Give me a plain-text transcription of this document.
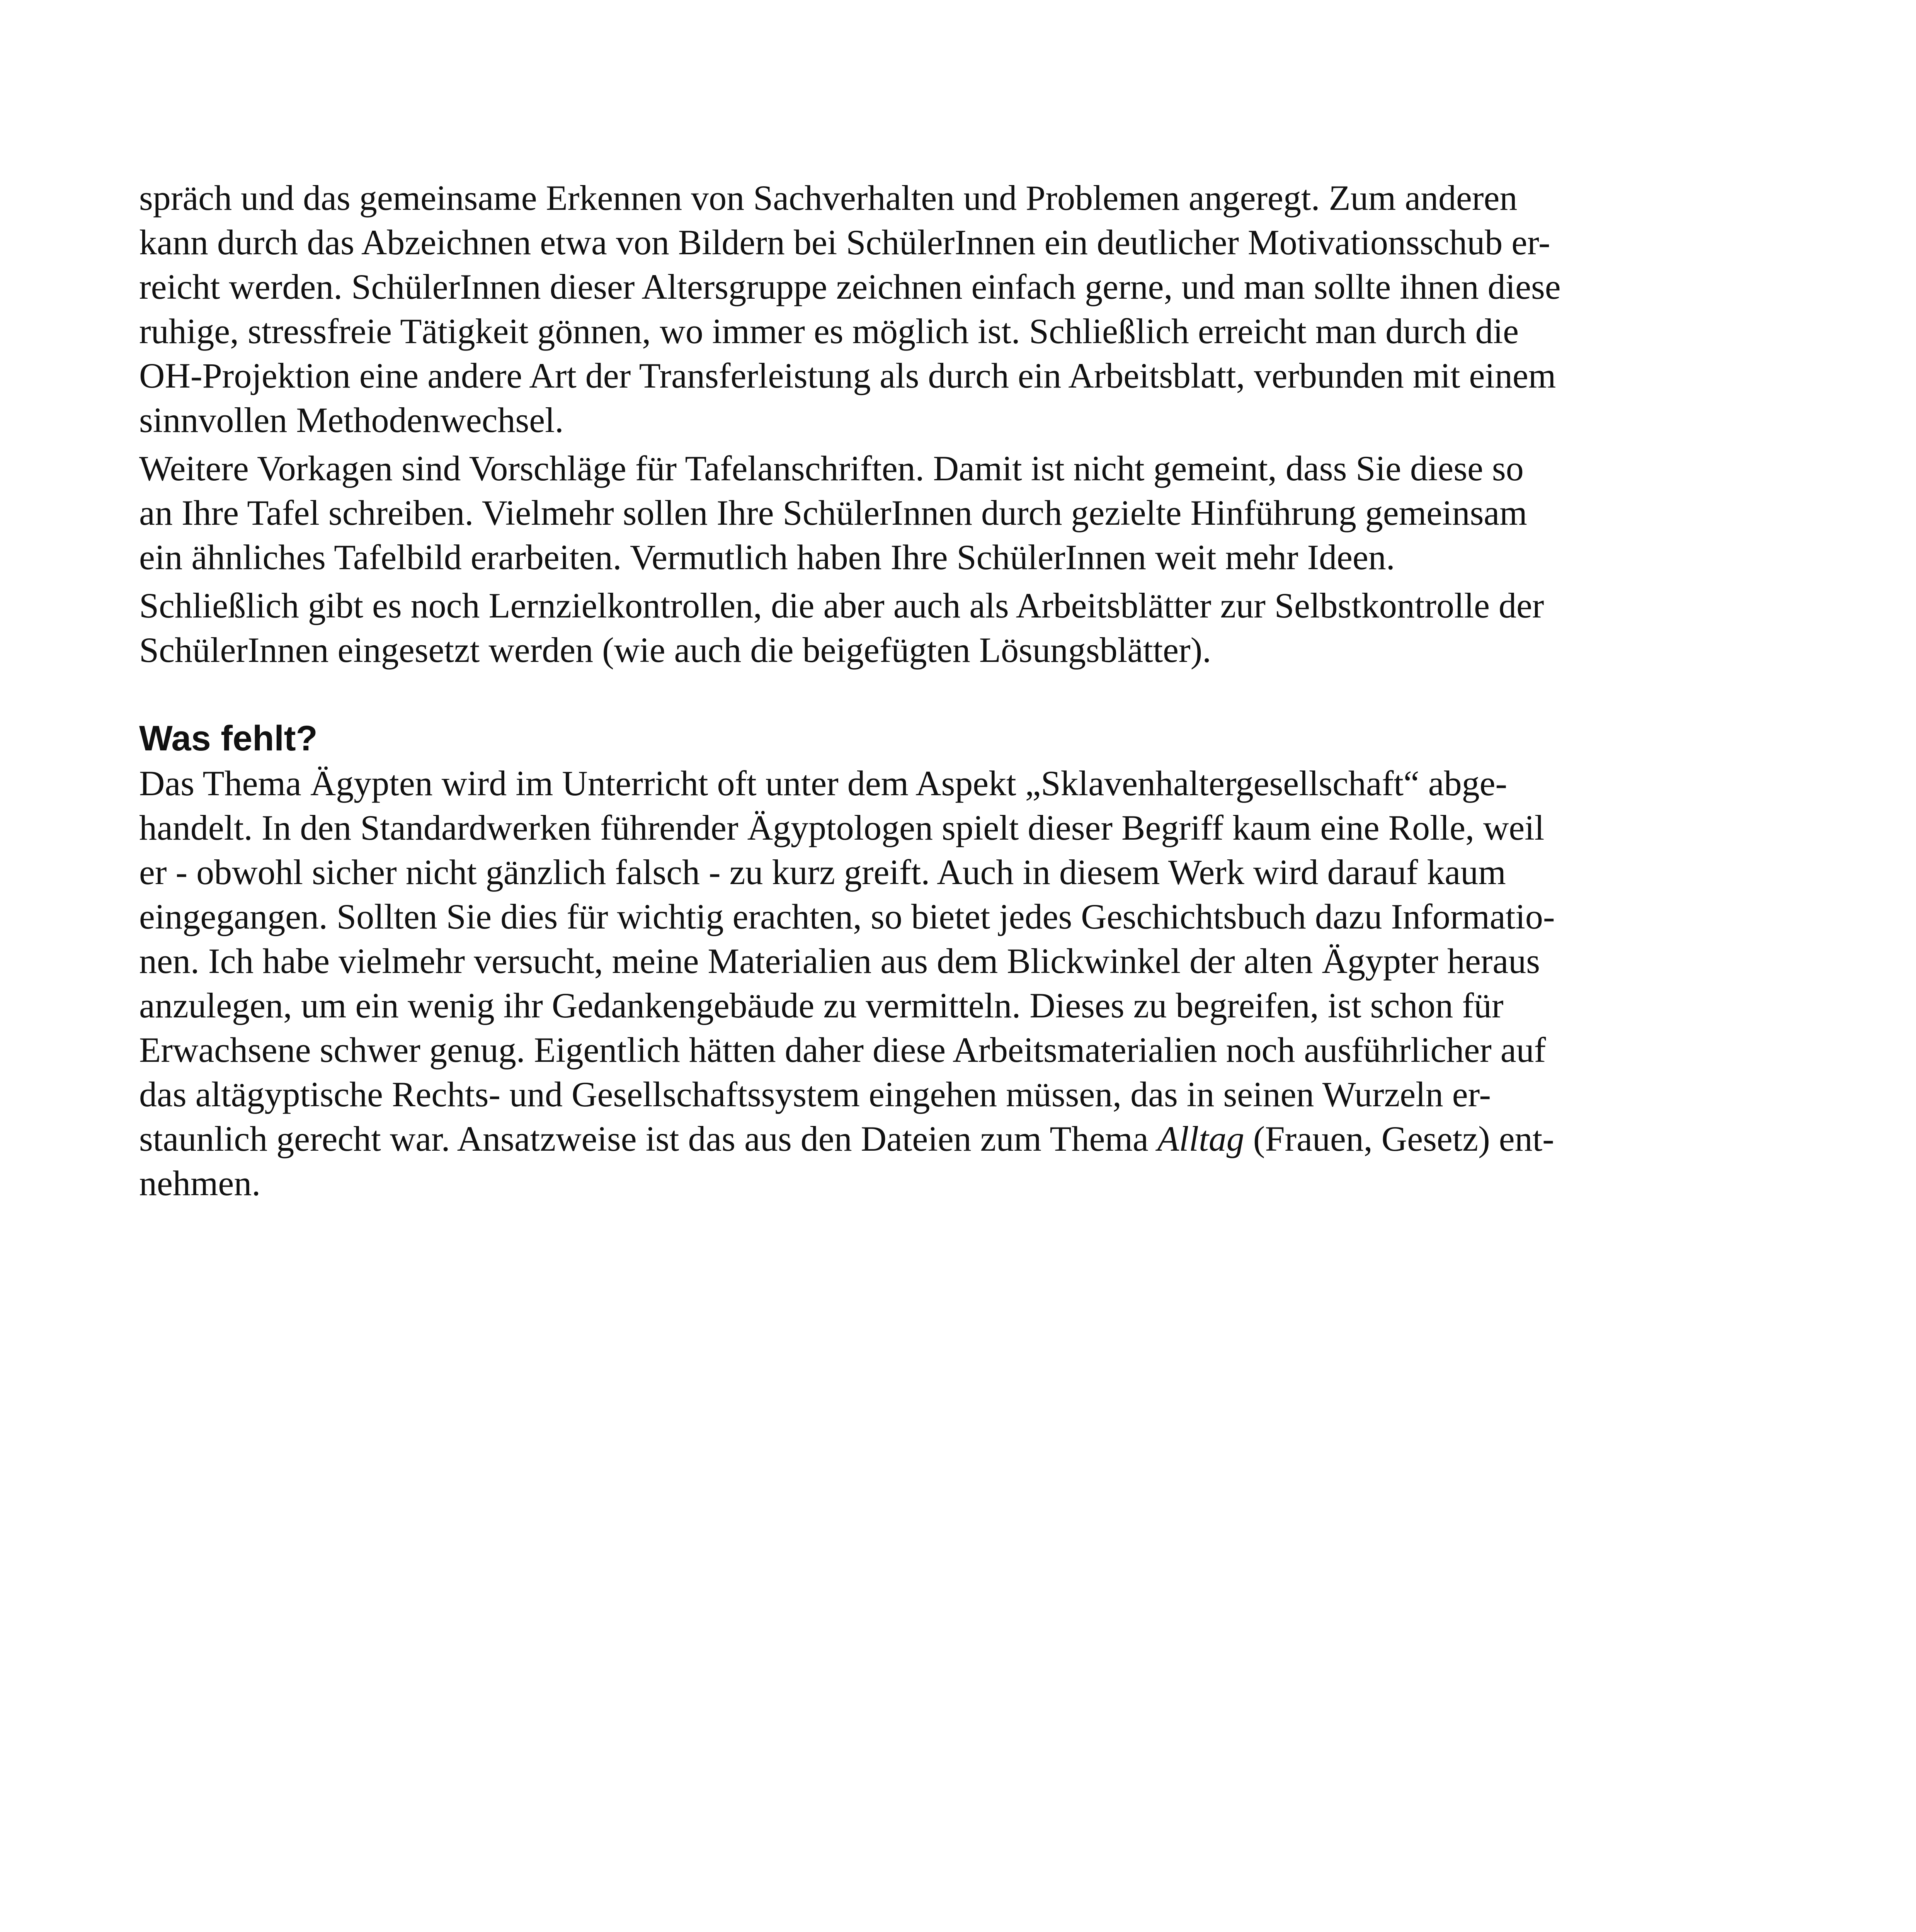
spräch und das gemeinsame Erkennen von Sachverhalten und Problemen angeregt. Zum anderen
kann durch das Abzeichnen etwa von Bildern bei SchülerInnen ein deutlicher Motivationsschub er-
reicht werden. SchülerInnen dieser Altersgruppe zeichnen einfach gerne, und man sollte ihnen diese
ruhige, stressfreie Tätigkeit gönnen, wo immer es möglich ist. Schließlich erreicht man durch die
OH-Projektion eine andere Art der Transferleistung als durch ein Arbeitsblatt, verbunden mit einem
sinnvollen Methodenwechsel.

Weitere Vorkagen sind Vorschläge für Tafelanschriften. Damit ist nicht gemeint, dass Sie diese so
an Ihre Tafel schreiben. Vielmehr sollen Ihre SchülerInnen durch gezielte Hinführung gemeinsam
ein ähnliches Tafelbild erarbeiten. Vermutlich haben Ihre SchülerInnen weit mehr Ideen.

Schließlich gibt es noch Lernzielkontrollen, die aber auch als Arbeitsblätter zur Selbstkontrolle der
SchülerInnen eingesetzt werden (wie auch die beigefügten Lösungsblätter).

Was fehlt?

Das Thema Ägypten wird im Unterricht oft unter dem Aspekt „Sklavenhaltergesellschaft“ abge-
handelt. In den Standardwerken führender Ägyptologen spielt dieser Begriff kaum eine Rolle, weil
er - obwohl sicher nicht gänzlich falsch - zu kurz greift. Auch in diesem Werk wird darauf kaum
eingegangen. Sollten Sie dies für wichtig erachten, so bietet jedes Geschichtsbuch dazu Informatio-
nen. Ich habe vielmehr versucht, meine Materialien aus dem Blickwinkel der alten Ägypter heraus
anzulegen, um ein wenig ihr Gedankengebäude zu vermitteln. Dieses zu begreifen, ist schon für
Erwachsene schwer genug. Eigentlich hätten daher diese Arbeitsmaterialien noch ausführlicher auf
das altägyptische Rechts- und Gesellschaftssystem eingehen müssen, das in seinen Wurzeln er-
staunlich gerecht war. Ansatzweise ist das aus den Dateien zum Thema Alltag (Frauen, Gesetz) ent-
nehmen.
